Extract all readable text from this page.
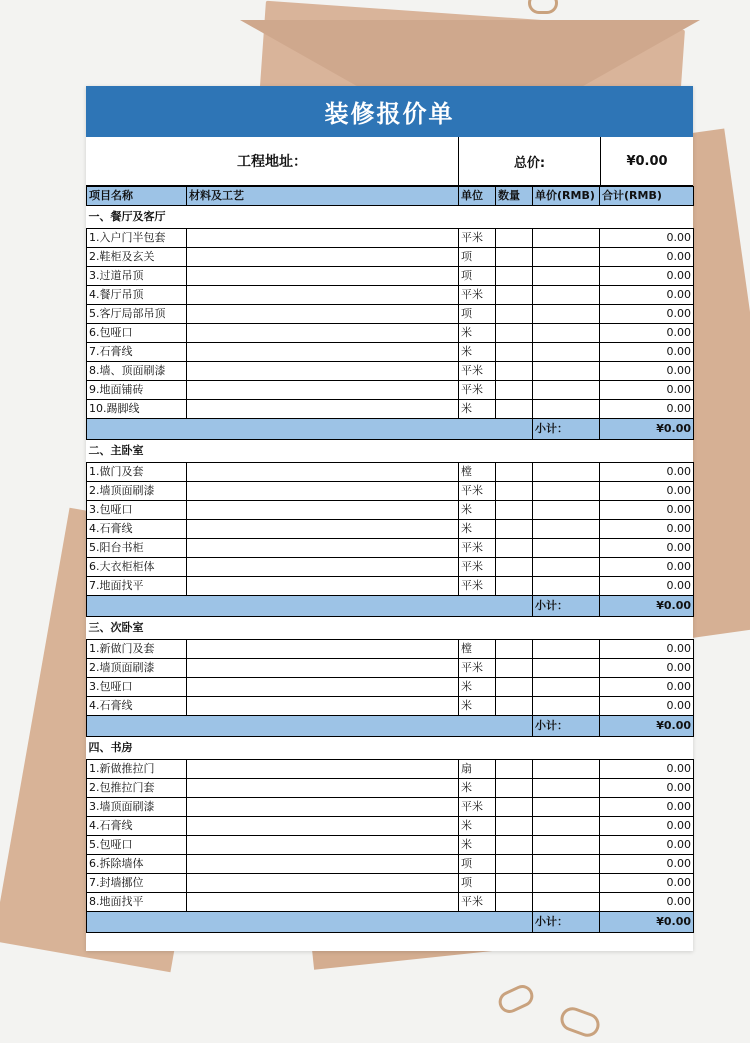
装修报价单
工程地址：	总价:	¥0.00
项目名称	材料及工艺	单位	数量	单价(RMB)	合计(RMB)
一、餐厅及客厅					
1.入户门半包套		平米			0.00
2.鞋柜及玄关		项			0.00
3.过道吊顶		项			0.00
4.餐厅吊顶		平米			0.00
5.客厅局部吊顶		项			0.00
6.包哑口		米			0.00
7.石膏线		米			0.00
8.墙、顶面刷漆		平米			0.00
9.地面铺砖		平米			0.00
10.踢脚线		米			0.00
				小计：	¥0.00
二、主卧室					
1.做门及套		樘			0.00
2.墙顶面刷漆		平米			0.00
3.包哑口		米			0.00
4.石膏线		米			0.00
5.阳台书柜		平米			0.00
6.大衣柜柜体		平米			0.00
7.地面找平		平米			0.00
				小计：	¥0.00
三、次卧室					
1.新做门及套		樘			0.00
2.墙顶面刷漆		平米			0.00
3.包哑口		米			0.00
4.石膏线		米			0.00
				小计：	¥0.00
四、书房					
1.新做推拉门		扇			0.00
2.包推拉门套		米			0.00
3.墙顶面刷漆		平米			0.00
4.石膏线		米			0.00
5.包哑口		米			0.00
6.拆除墙体		项			0.00
7.封墙挪位		项			0.00
8.地面找平		平米			0.00
				小计：	¥0.00
